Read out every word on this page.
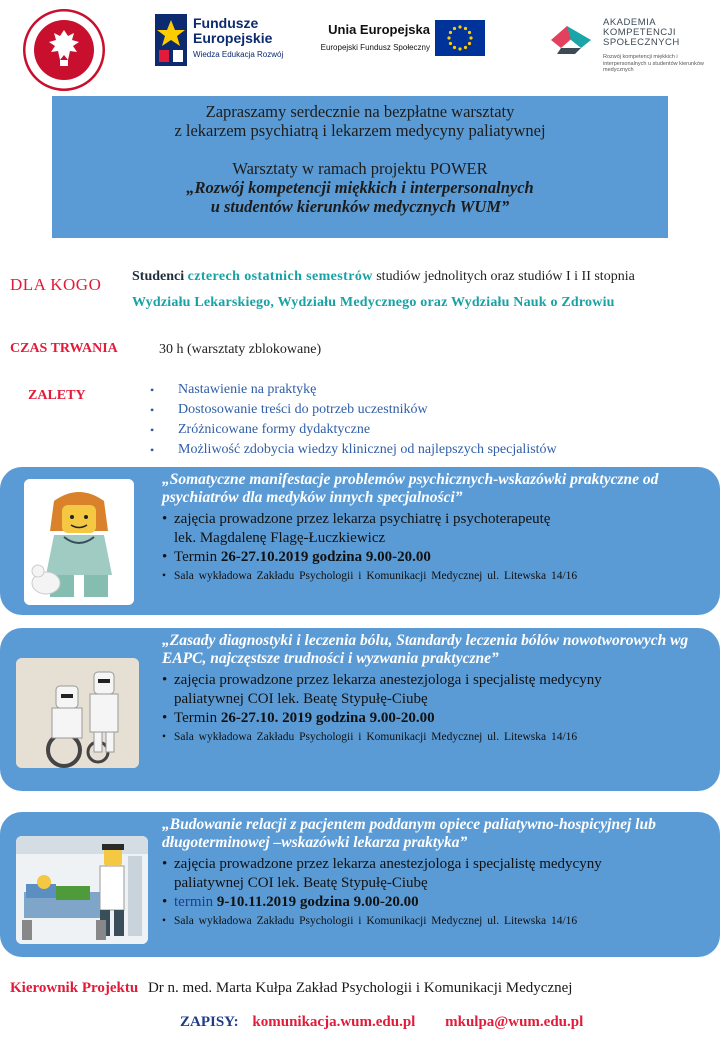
Fundusze
Europejskie
Wiedza Edukacja Rozwój
Unia Europejska
Europejski Fundusz Społeczny
AKADEMIA
KOMPETENCJI
SPOŁECZNYCH
Rozwój kompetencji miękkich i interpersonalnych u studentów kierunków medycznych
Zapraszamy serdecznie na bezpłatne warsztaty
z lekarzem psychiatrą i lekarzem medycyny paliatywnej
Warsztaty w ramach projektu POWER
„Rozwój kompetencji miękkich i interpersonalnych
u studentów kierunków medycznych WUM”
DLA KOGO Studenci czterech ostatnich semestrów studiów jednolitych oraz studiów I i II stopnia
Wydziału Lekarskiego, Wydziału Medycznego oraz Wydziału Nauk o Zdrowiu
CZAS TRWANIA	30 h (warsztaty zblokowane)
ZALETY
•	Nastawienie na praktykę
• Dostosowanie treści do potrzeb uczestników
• Zróżnicowane formy dydaktyczne
• Możliwość zdobycia wiedzy klinicznej od najlepszych specjalistów
„Somatyczne manifestacje problemów psychicznych-wskazówki praktyczne od psychiatrów dla medyków innych specjalności”
• zajęcia prowadzone przez lekarza psychiatrę i psychoterapeutę
lek. Magdalenę Flagę-Łuczkiewicz
• Termin 26-27.10.2019 godzina 9.00-20.00
• Sala wykładowa Zakładu Psychologii i Komunikacji Medycznej ul. Litewska 14/16
„Zasady diagnostyki i leczenia bólu, Standardy leczenia bólów nowotworowych wg EAPC, najczęstsze trudności i wyzwania praktyczne”
• zajęcia prowadzone przez lekarza anestezjologa i specjalistę medycyny
paliatywnej COI lek. Beatę Stypułę-Ciubę
• Termin 26-27.10. 2019 godzina 9.00-20.00
• Sala wykładowa Zakładu Psychologii i Komunikacji Medycznej ul. Litewska 14/16
„Budowanie relacji z pacjentem poddanym opiece paliatywno-hospicyjnej lub długoterminowej –wskazówki lekarza praktyka”
• zajęcia prowadzone przez lekarza anestezjologa i specjalistę medycyny
paliatywnej COI lek. Beatę Stypułę-Ciubę
• termin 9-10.11.2019 godzina 9.00-20.00
• Sala wykładowa Zakładu Psychologii i Komunikacji Medycznej ul. Litewska 14/16
Kierownik Projektu Dr n. med. Marta Kułpa Zakład Psychologii i Komunikacji Medycznej
ZAPISY: komunikacja.wum.edu.pl mkulpa@wum.edu.pl
